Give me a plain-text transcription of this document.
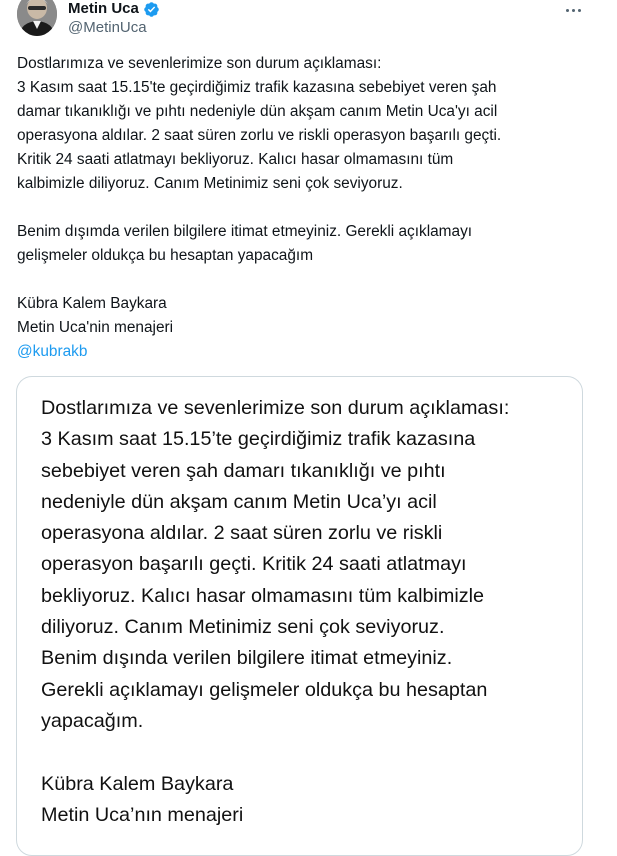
Metin Uca
@MetinUca
Dostlarımıza ve sevenlerimize son durum açıklaması:
3 Kasım saat 15.15'te geçirdiğimiz trafik kazasına sebebiyet veren şah
damar tıkanıklığı ve pıhtı nedeniyle dün akşam canım Metin Uca'yı acil
operasyona aldılar. 2 saat süren zorlu ve riskli operasyon başarılı geçti.
Kritik 24 saati atlatmayı bekliyoruz. Kalıcı hasar olmamasını tüm
kalbimizle diliyoruz. Canım Metinimiz seni çok seviyoruz.
Benim dışımda verilen bilgilere itimat etmeyiniz. Gerekli açıklamayı
gelişmeler oldukça bu hesaptan yapacağım
Kübra Kalem Baykara
Metin Uca'nin menajeri
@kubrakb
Dostlarımıza ve sevenlerimize son durum açıklaması:
3 Kasım saat 15.15’te geçirdiğimiz trafik kazasına
sebebiyet veren şah damarı tıkanıklığı ve pıhtı
nedeniyle dün akşam canım Metin Uca’yı acil
operasyona aldılar. 2 saat süren zorlu ve riskli
operasyon başarılı geçti. Kritik 24 saati atlatmayı
bekliyoruz. Kalıcı hasar olmamasını tüm kalbimizle
diliyoruz. Canım Metinimiz seni çok seviyoruz.
Benim dışında verilen bilgilere itimat etmeyiniz.
Gerekli açıklamayı gelişmeler oldukça bu hesaptan
yapacağım.
Kübra Kalem Baykara
Metin Uca’nın menajeri
